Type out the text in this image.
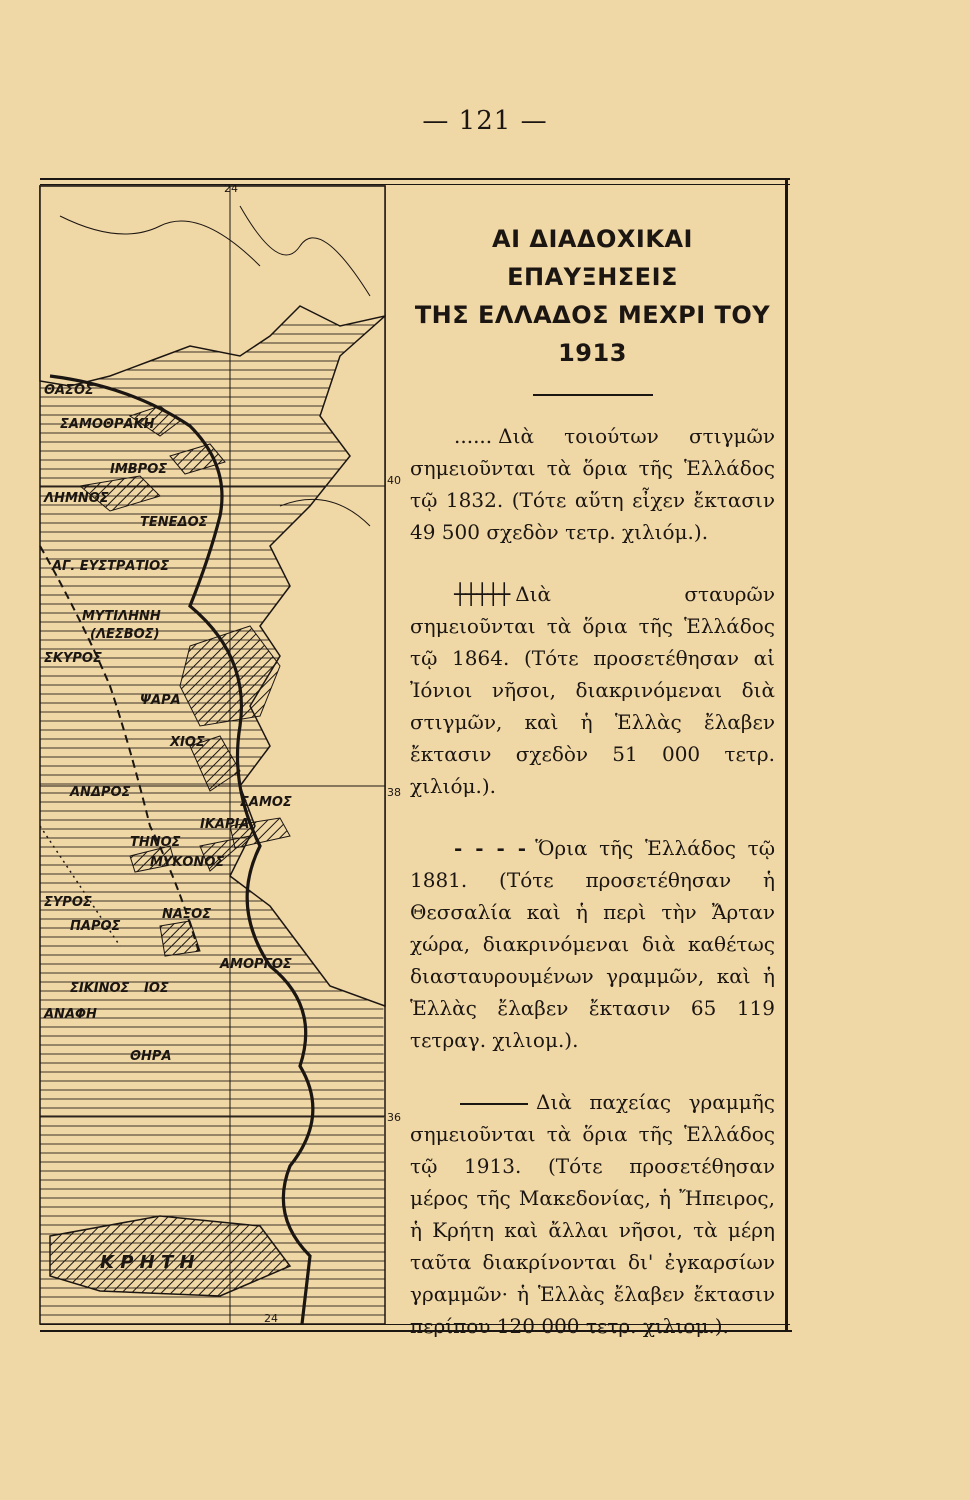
— 121 —
24
24
40
38
36
ΘΑΣΟΣ
ΣΑΜΟΘΡΑΚΗ
ΙΜΒΡΟΣ
ΛΗΜΝΟΣ
ΤΕΝΕΔΟΣ
ΑΓ. ΕΥΣΤΡΑΤΙΟΣ
ΜΥΤΙΛΗΝΗ
(ΛΕΣΒΟΣ)
ΣΚΥΡΟΣ
ΨΑΡΑ
ΧΙΟΣ
ΑΝΔΡΟΣ
ΣΑΜΟΣ
ΙΚΑΡΙΑ
ΤΗΝΟΣ
ΜΥΚΟΝΟΣ
ΣΥΡΟΣ
ΠΑΡΟΣ
ΝΑΞΟΣ
ΑΜΟΡΓΟΣ
ΣΙΚΙΝΟΣ ΙΟΣ
ΑΝΑΦΗ
ΘΗΡΑ
Κ Ρ Η Τ Η
ΑΙ ΔΙΑΔΟΧΙΚΑΙ ΕΠΑΥΞΗΣΕΙΣ
ΤΗΣ ΕΛΛΑΔΟΣ ΜΕΧΡΙ ΤΟΥ 1913

...... Διὰ τοιούτων στιγμῶν σημειοῦνται τὰ ὅρια τῆς Ἑλλάδος τῷ 1832. (Τότε αὕτη εἶχεν ἔκτασιν 49 500 σχεδὸν τετρ. χιλιόμ.).

┼┼┼┼┼ Διὰ σταυρῶν σημειοῦνται τὰ ὅρια τῆς Ἑλλάδος τῷ 1864. (Τότε προσετέθησαν αἱ Ἰόνιοι νῆσοι, διακρινόμεναι διὰ στιγμῶν, καὶ ἡ Ἑλλὰς ἔλαβεν ἔκτασιν σχεδὸν 51 000 τετρ. χιλιόμ.).

- - - - Ὅρια τῆς Ἑλλάδος τῷ 1881. (Τότε προσετέθησαν ἡ Θεσσαλία καὶ ἡ περὶ τὴν Ἄρταν χώρα, διακρινόμεναι διὰ καθέτως διασταυρουμένων γραμμῶν, καὶ ἡ Ἑλλὰς ἔλαβεν ἔκτασιν 65 119 τετραγ. χιλιομ.).

Διὰ παχείας γραμμῆς σημειοῦνται τὰ ὅρια τῆς Ἑλλάδος τῷ 1913. (Τότε προσετέθησαν μέρος τῆς Μακεδονίας, ἡ Ἤπειρος, ἡ Κρήτη καὶ ἄλλαι νῆσοι, τὰ μέρη ταῦτα διακρίνονται δι' ἐγκαρσίων γραμμῶν· ἡ Ἑλλὰς ἔλαβεν ἔκτασιν περίπου 120 000 τετρ. χιλιομ.).
